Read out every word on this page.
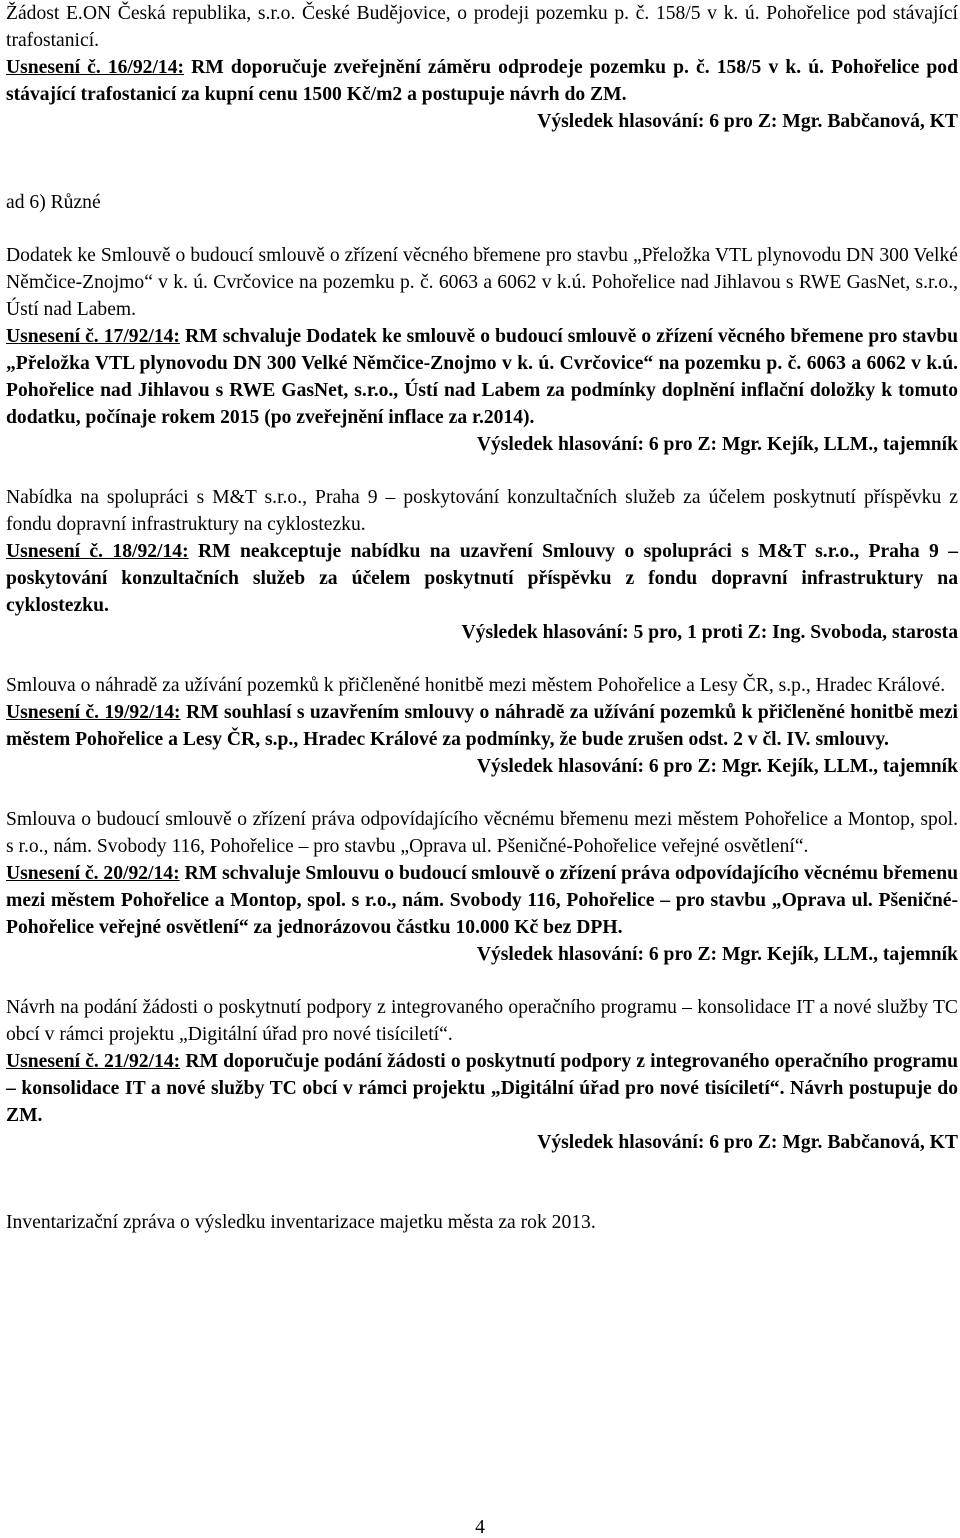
Žádost E.ON Česká republika, s.r.o. České Budějovice, o prodeji pozemku p. č. 158/5 v k. ú. Pohořelice pod stávající trafostanicí.

Usnesení č. 16/92/14: RM doporučuje zveřejnění záměru odprodeje pozemku p. č. 158/5 v k. ú. Pohořelice pod stávající trafostanicí za kupní cenu 1500 Kč/m2 a postupuje návrh do ZM.

Výsledek hlasování: 6 pro Z: Mgr. Babčanová, KT

ad 6) Různé

Dodatek ke Smlouvě o budoucí smlouvě o zřízení věcného břemene pro stavbu „Přeložka VTL plynovodu DN 300 Velké Němčice-Znojmo“ v k. ú. Cvrčovice na pozemku p. č. 6063 a 6062 v k.ú. Pohořelice nad Jihlavou s RWE GasNet, s.r.o., Ústí nad Labem.

Usnesení č. 17/92/14: RM schvaluje Dodatek ke smlouvě o budoucí smlouvě o zřízení věcného břemene pro stavbu „Přeložka VTL plynovodu DN 300 Velké Němčice-Znojmo v k. ú. Cvrčovice“ na pozemku p. č. 6063 a 6062 v k.ú. Pohořelice nad Jihlavou s RWE GasNet, s.r.o., Ústí nad Labem za podmínky doplnění inflační doložky k tomuto dodatku, počínaje rokem 2015 (po zveřejnění inflace za r.2014).

Výsledek hlasování: 6 pro Z: Mgr. Kejík, LLM., tajemník

Nabídka na spolupráci s M&T s.r.o., Praha 9 – poskytování konzultačních služeb za účelem poskytnutí příspěvku z fondu dopravní infrastruktury na cyklostezku.

Usnesení č. 18/92/14: RM neakceptuje nabídku na uzavření Smlouvy o spolupráci s M&T s.r.o., Praha 9 – poskytování konzultačních služeb za účelem poskytnutí příspěvku z fondu dopravní infrastruktury na cyklostezku.

Výsledek hlasování: 5 pro, 1 proti Z: Ing. Svoboda, starosta

Smlouva o náhradě za užívání pozemků k přičleněné honitbě mezi městem Pohořelice a Lesy ČR, s.p., Hradec Králové.

Usnesení č. 19/92/14: RM souhlasí s uzavřením smlouvy o náhradě za užívání pozemků k přičleněné honitbě mezi městem Pohořelice a Lesy ČR, s.p., Hradec Králové za podmínky, že bude zrušen odst. 2 v čl. IV. smlouvy.

Výsledek hlasování: 6 pro Z: Mgr. Kejík, LLM., tajemník

Smlouva o budoucí smlouvě o zřízení práva odpovídajícího věcnému břemenu mezi městem Pohořelice a Montop, spol. s r.o., nám. Svobody 116, Pohořelice – pro stavbu „Oprava ul. Pšeničné-Pohořelice veřejné osvětlení“.

Usnesení č. 20/92/14: RM schvaluje Smlouvu o budoucí smlouvě o zřízení práva odpovídajícího věcnému břemenu mezi městem Pohořelice a Montop, spol. s r.o., nám. Svobody 116, Pohořelice – pro stavbu „Oprava ul. Pšeničné-Pohořelice veřejné osvětlení“ za jednorázovou částku 10.000 Kč bez DPH.

Výsledek hlasování: 6 pro Z: Mgr. Kejík, LLM., tajemník

Návrh na podání žádosti o poskytnutí podpory z integrovaného operačního programu – konsolidace IT a nové služby TC obcí v rámci projektu „Digitální úřad pro nové tisíciletí“.

Usnesení č. 21/92/14: RM doporučuje podání žádosti o poskytnutí podpory z integrovaného operačního programu – konsolidace IT a nové služby TC obcí v rámci projektu „Digitální úřad pro nové tisíciletí“. Návrh postupuje do ZM.

Výsledek hlasování: 6 pro Z: Mgr. Babčanová, KT

Inventarizační zpráva o výsledku inventarizace majetku města za rok 2013.

4
